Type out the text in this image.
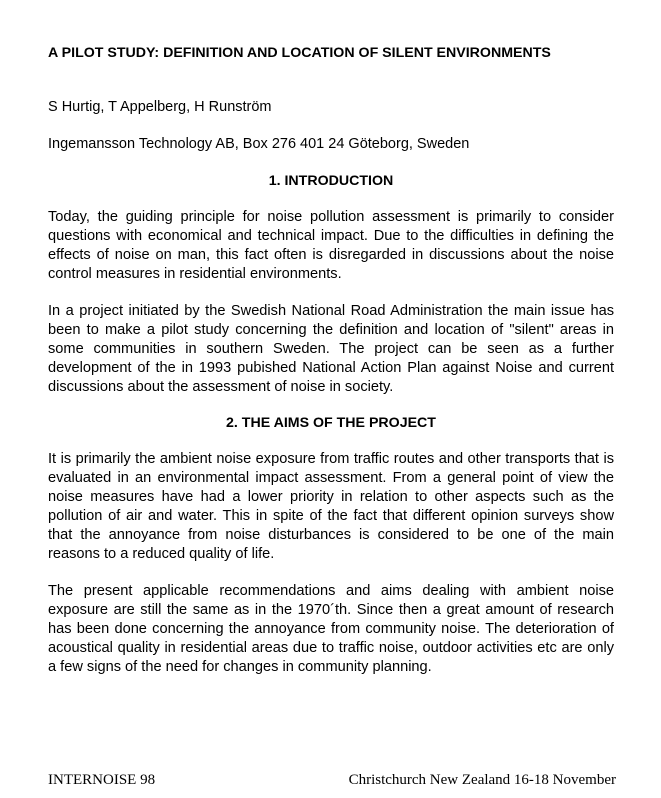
A PILOT STUDY: DEFINITION AND LOCATION OF SILENT ENVIRONMENTS

S Hurtig, T Appelberg, H Runström

Ingemansson Technology AB, Box 276 401 24 Göteborg, Sweden

1. INTRODUCTION

Today, the guiding principle for noise pollution assessment is primarily to consider questions with economical and technical impact. Due to the difficulties in defining the effects of noise on man, this fact often is disregarded in discussions about the noise control measures in residential environments.

In a project initiated by the Swedish National Road Administration the main issue has been to make a pilot study concerning the definition and location of "silent" areas in some communities in southern Sweden. The project can be seen as a further development of the in 1993 pubished National Action Plan against Noise and current discussions about the assessment of noise in society.

2. THE AIMS OF THE PROJECT

It is primarily the ambient noise exposure from traffic routes and other transports that is evaluated in an environmental impact assessment. From a general point of view the noise measures have had a lower priority in relation to other aspects such as the pollution of air and water. This in spite of the fact that different opinion surveys show that the annoyance from noise disturbances is considered to be one of the main reasons to a reduced quality of life.

The present applicable recommendations and aims dealing with ambient noise exposure are still the same as in the 1970´th. Since then a great amount of research has been done concerning the annoyance from community noise. The deterioration of acoustical quality in residential areas due to traffic noise, outdoor activities etc are only a few signs of the need for changes in community planning.

INTERNOISE 98	Christchurch New Zealand 16-18 November
